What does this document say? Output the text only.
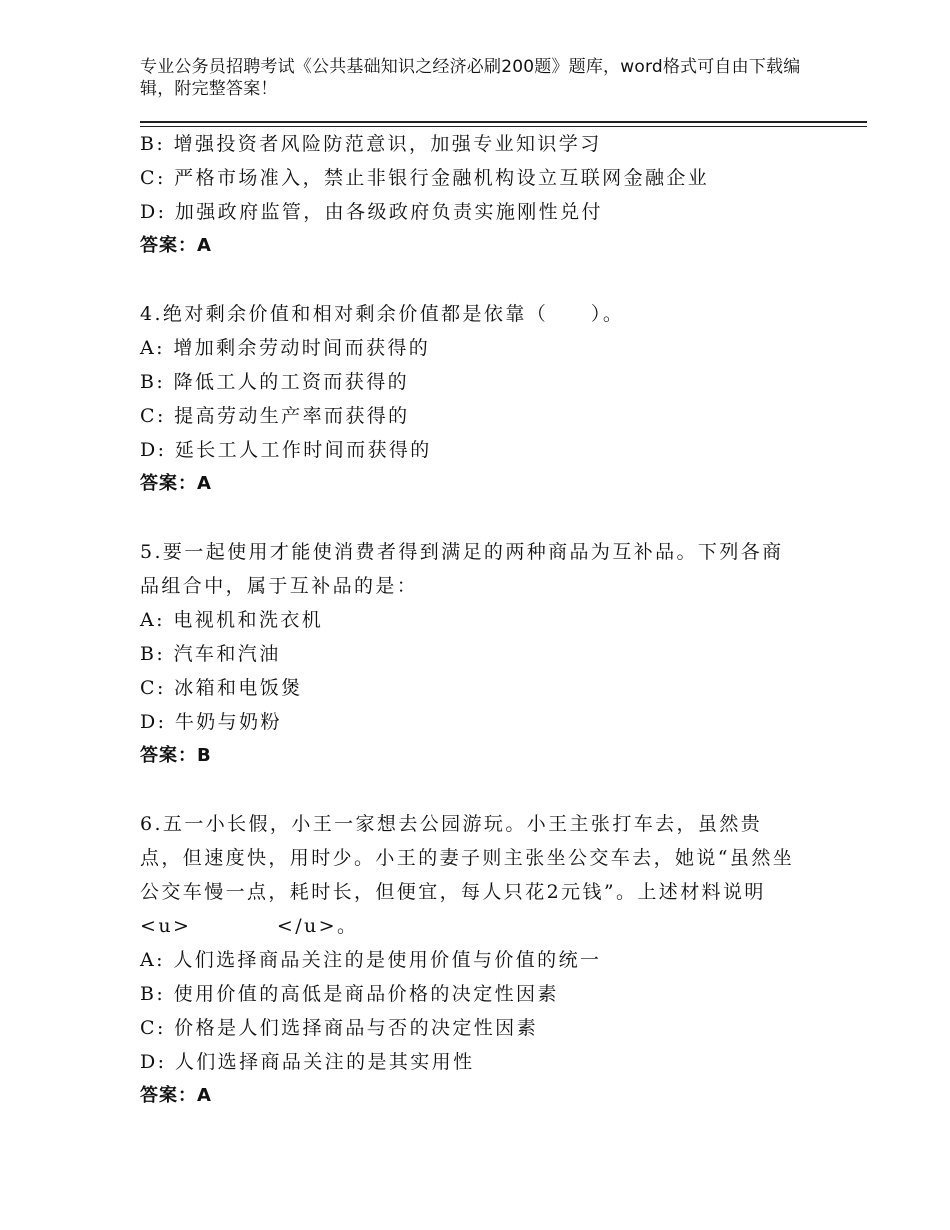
专业公务员招聘考试《公共基础知识之经济必刷200题》题库，word格式可自由下载编辑，附完整答案！
B: 增强投资者风险防范意识，加强专业知识学习
C: 严格市场准入，禁止非银行金融机构设立互联网金融企业
D: 加强政府监管，由各级政府负责实施刚性兑付
答案：A
4.绝对剩余价值和相对剩余价值都是依靠（　　）。
A: 增加剩余劳动时间而获得的
B: 降低工人的工资而获得的
C: 提高劳动生产率而获得的
D: 延长工人工作时间而获得的
答案：A
5.要一起使用才能使消费者得到满足的两种商品为互补品。下列各商品组合中，属于互补品的是：
A: 电视机和洗衣机
B: 汽车和汽油
C: 冰箱和电饭煲
D: 牛奶与奶粉
答案：B
6.五一小长假，小王一家想去公园游玩。小王主张打车去，虽然贵点，但速度快，用时少。小王的妻子则主张坐公交车去，她说“虽然坐公交车慢一点，耗时长，但便宜，每人只花2元钱”。上述材料说明<u>　　　　</u>。
A: 人们选择商品关注的是使用价值与价值的统一
B: 使用价值的高低是商品价格的决定性因素
C: 价格是人们选择商品与否的决定性因素
D: 人们选择商品关注的是其实用性
答案：A
